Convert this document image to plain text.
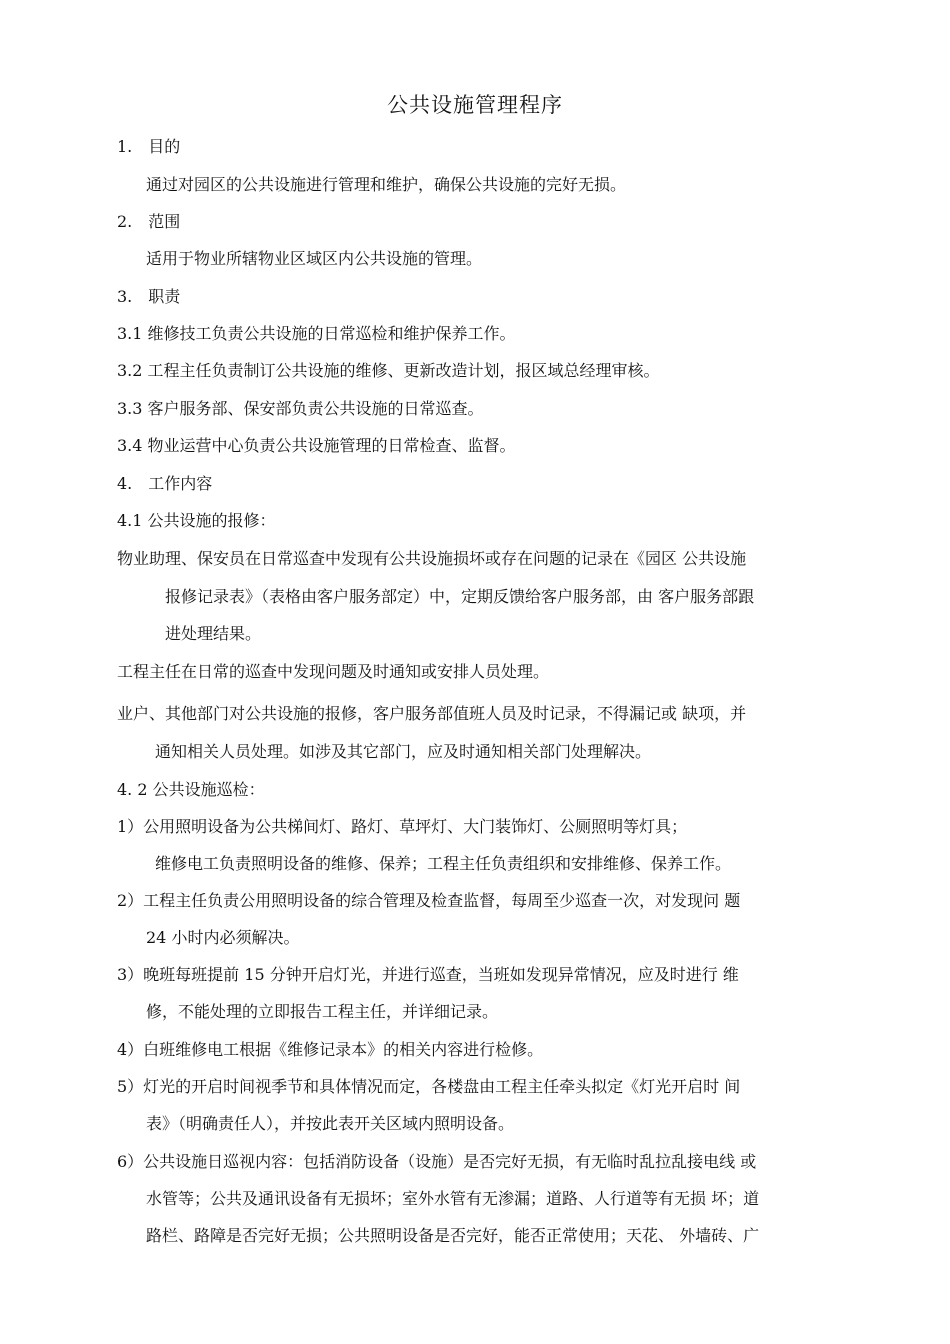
公共设施管理程序
1.　目的
通过对园区的公共设施进行管理和维护，确保公共设施的完好无损。
2.　范围
适用于物业所辖物业区域区内公共设施的管理。
3.　职责
3.1 维修技工负责公共设施的日常巡检和维护保养工作。
3.2 工程主任负责制订公共设施的维修、更新改造计划，报区域总经理审核。
3.3 客户服务部、保安部负责公共设施的日常巡查。
3.4 物业运营中心负责公共设施管理的日常检查、监督。
4.　工作内容
4.1 公共设施的报修：
物业助理、保安员在日常巡查中发现有公共设施损坏或存在问题的记录在《园区 公共设施
报修记录表》（表格由客户服务部定）中，定期反馈给客户服务部，由 客户服务部跟
进处理结果。
工程主任在日常的巡查中发现问题及时通知或安排人员处理。
业户、其他部门对公共设施的报修，客户服务部值班人员及时记录，不得漏记或 缺项，并
通知相关人员处理。如涉及其它部门，应及时通知相关部门处理解决。
4. 2 公共设施巡检：
1）公用照明设备为公共梯间灯、路灯、草坪灯、大门装饰灯、公厕照明等灯具；
维修电工负责照明设备的维修、保养；工程主任负责组织和安排维修、保养工作。
2）工程主任负责公用照明设备的综合管理及检查监督，每周至少巡查一次，对发现问 题
24 小时内必须解决。
3）晚班每班提前 15 分钟开启灯光，并进行巡查，当班如发现异常情况，应及时进行 维
修，不能处理的立即报告工程主任，并详细记录。
4）白班维修电工根据《维修记录本》的相关内容进行检修。
5）灯光的开启时间视季节和具体情况而定，各楼盘由工程主任牵头拟定《灯光开启时 间
表》（明确责任人），并按此表开关区域内照明设备。
6）公共设施日巡视内容：包括消防设备（设施）是否完好无损，有无临时乱拉乱接电线 或
水管等；公共及通讯设备有无损坏；室外水管有无渗漏；道路、人行道等有无损 坏；道
路栏、路障是否完好无损；公共照明设备是否完好，能否正常使用；天花、 外墙砖、广
